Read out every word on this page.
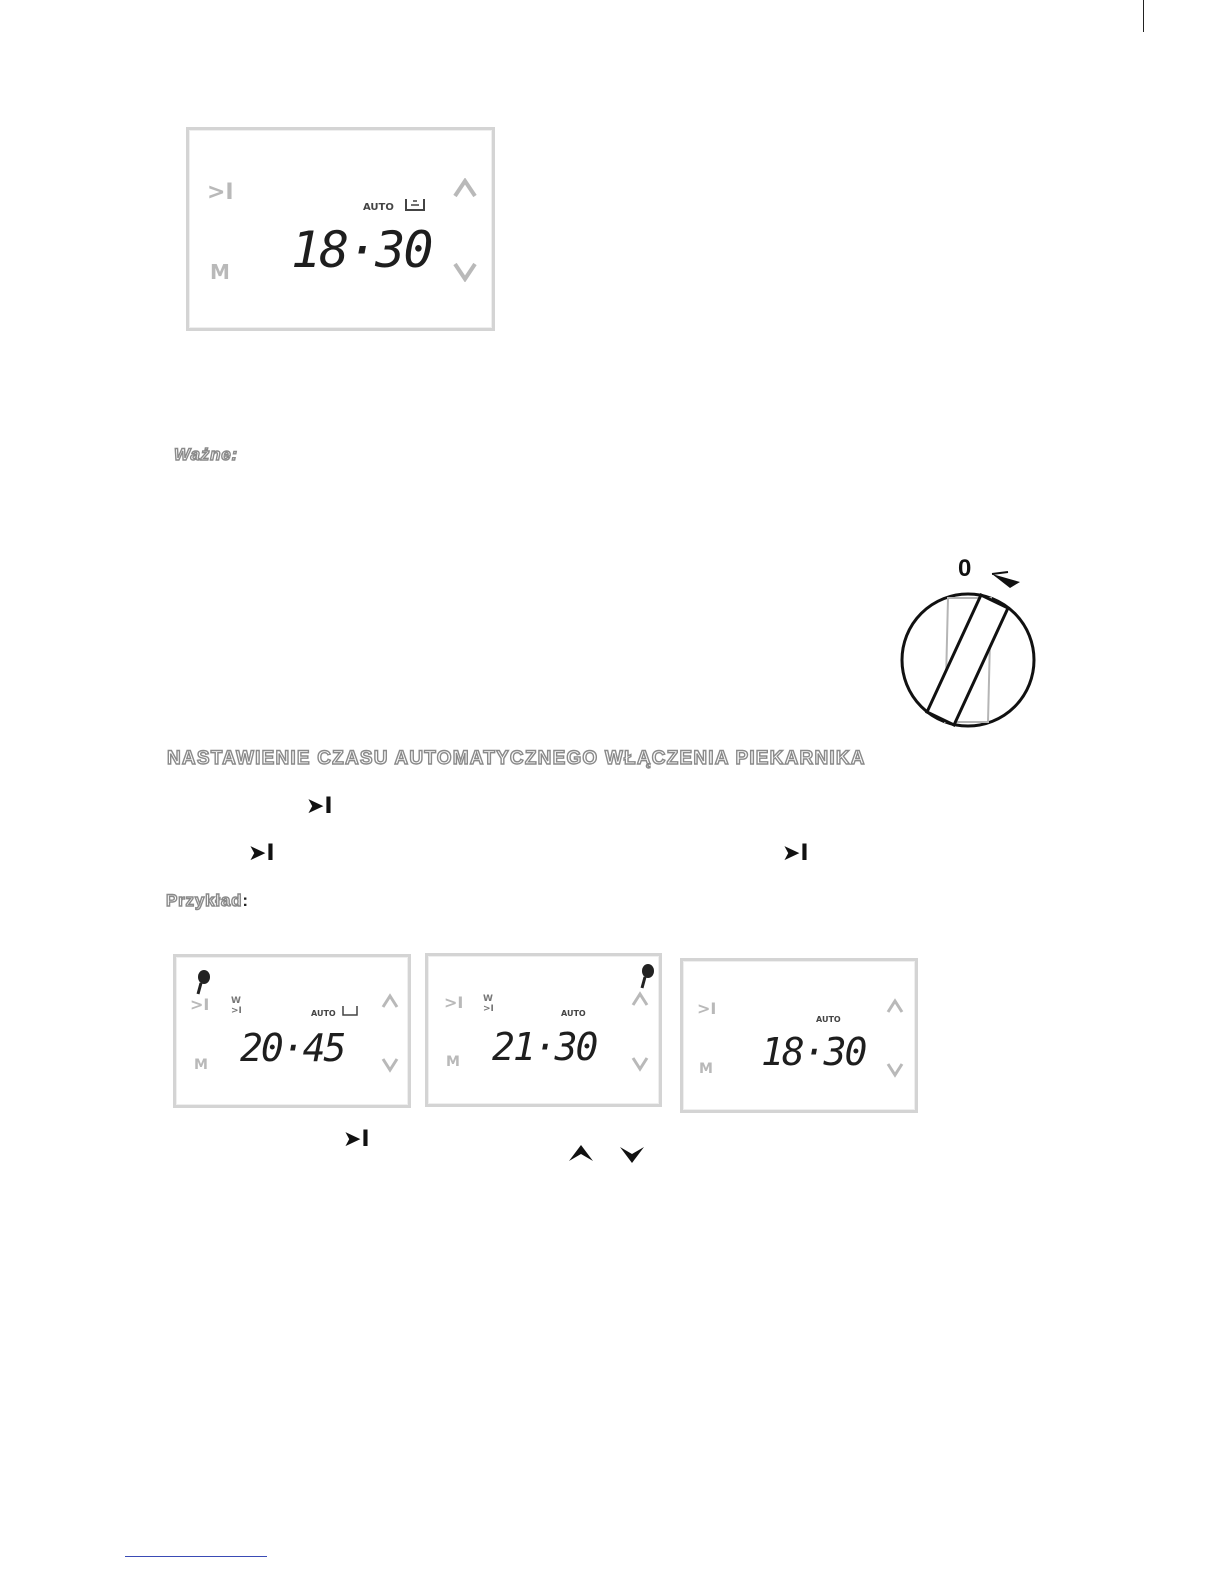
>I
M
AUTO
18·30
Ważne:
0
NASTAWIENIE CZASU AUTOMATYCZNEGO WŁĄCZENIA PIEKARNIKA
➤I
➤I	➤I
Przykład:
>I >I
W
M
AUTO
20·45
>I W
>I
M
AUTO
21·30
>I
M
AUTO
18·30
➤I
